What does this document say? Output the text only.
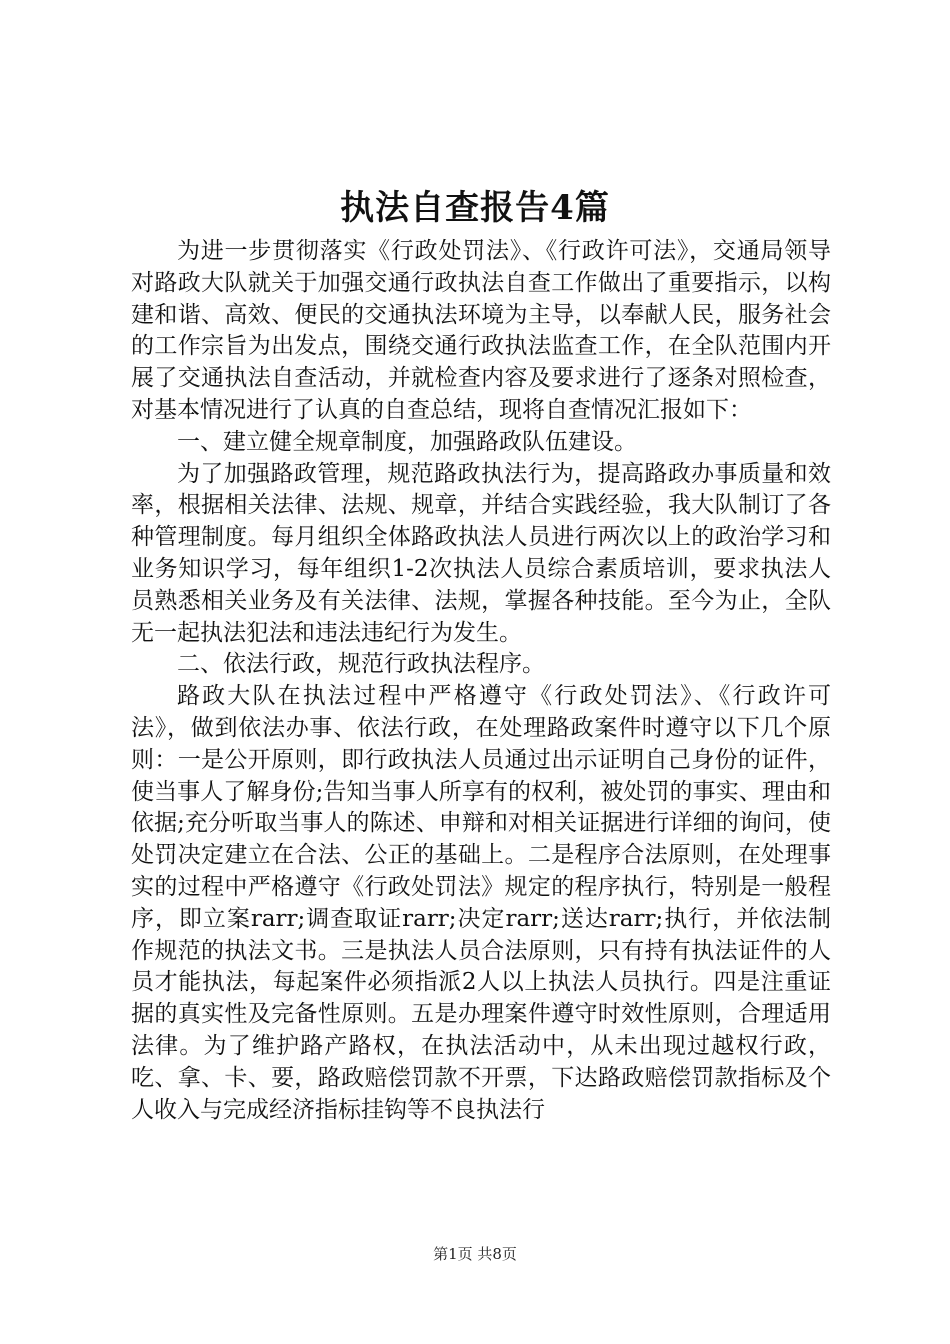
执法自查报告4篇

为进一步贯彻落实《行政处罚法》、《行政许可法》，交通局领导对路政大队就关于加强交通行政执法自查工作做出了重要指示，以构建和谐、高效、便民的交通执法环境为主导，以奉献人民，服务社会的工作宗旨为出发点，围绕交通行政执法监查工作，在全队范围内开展了交通执法自查活动，并就检查内容及要求进行了逐条对照检查，对基本情况进行了认真的自查总结，现将自查情况汇报如下：

一、建立健全规章制度，加强路政队伍建设。

为了加强路政管理，规范路政执法行为，提高路政办事质量和效率，根据相关法律、法规、规章，并结合实践经验，我大队制订了各种管理制度。每月组织全体路政执法人员进行两次以上的政治学习和业务知识学习，每年组织1-2次执法人员综合素质培训，要求执法人员熟悉相关业务及有关法律、法规，掌握各种技能。至今为止，全队无一起执法犯法和违法违纪行为发生。

二、依法行政，规范行政执法程序。

路政大队在执法过程中严格遵守《行政处罚法》、《行政许可法》，做到依法办事、依法行政，在处理路政案件时遵守以下几个原则：一是公开原则，即行政执法人员通过出示证明自己身份的证件，使当事人了解身份;告知当事人所享有的权利，被处罚的事实、理由和依据;充分听取当事人的陈述、申辩和对相关证据进行详细的询问，使处罚决定建立在合法、公正的基础上。二是程序合法原则，在处理事实的过程中严格遵守《行政处罚法》规定的程序执行，特别是一般程序，即立案rarr;调查取证rarr;决定rarr;送达rarr;执行，并依法制作规范的执法文书。三是执法人员合法原则，只有持有执法证件的人员才能执法，每起案件必须指派2人以上执法人员执行。四是注重证据的真实性及完备性原则。五是办理案件遵守时效性原则，合理适用法律。为了维护路产路权，在执法活动中，从未出现过越权行政，吃、拿、卡、要，路政赔偿罚款不开票，下达路政赔偿罚款指标及个人收入与完成经济指标挂钩等不良执法行

第1页 共8页
